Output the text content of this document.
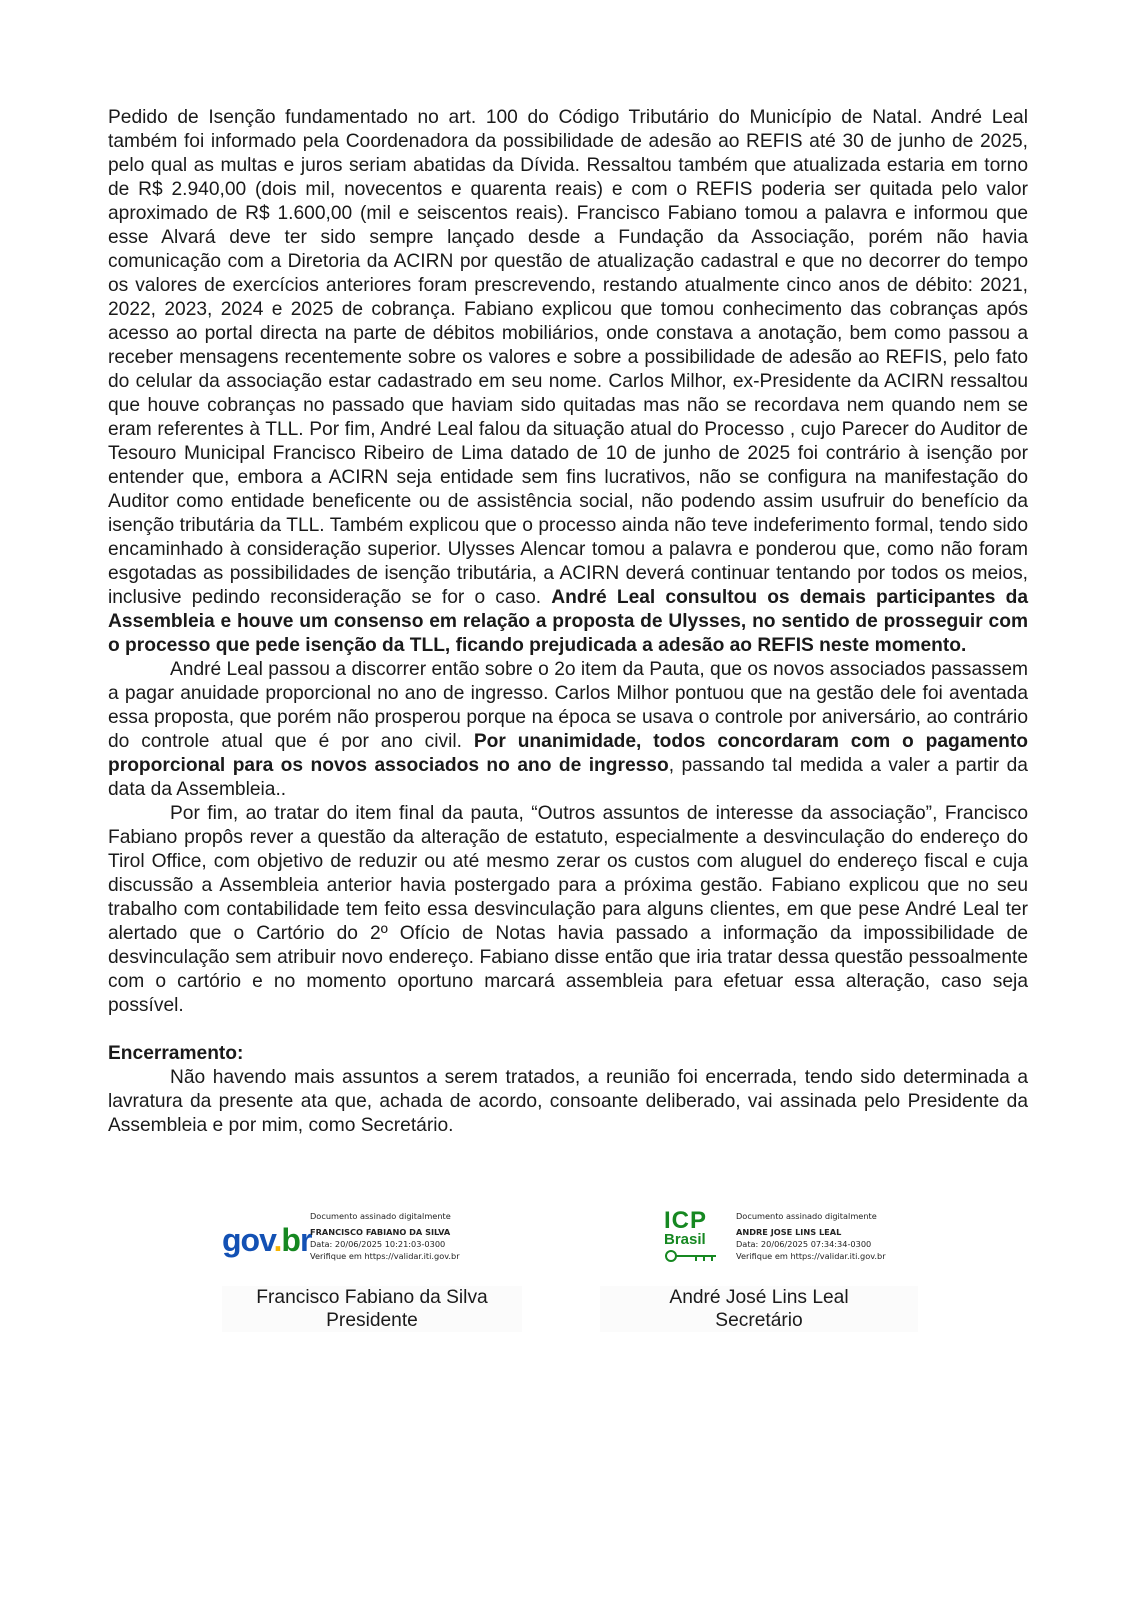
Pedido de Isenção fundamentado no art. 100 do Código Tributário do Município de Natal. André Leal também foi informado pela Coordenadora da possibilidade de adesão ao REFIS até 30 de junho de 2025, pelo qual as multas e juros seriam abatidas da Dívida. Ressaltou também que atualizada estaria em torno de R$ 2.940,00 (dois mil, novecentos e quarenta reais) e com o REFIS poderia ser quitada pelo valor aproximado de R$ 1.600,00 (mil e seiscentos reais). Francisco Fabiano tomou a palavra e informou que esse Alvará deve ter sido sempre lançado desde a Fundação da Associação, porém não havia comunicação com a Diretoria da ACIRN por questão de atualização cadastral e que no decorrer do tempo os valores de exercícios anteriores foram prescrevendo, restando atualmente cinco anos de débito: 2021, 2022, 2023, 2024 e 2025 de cobrança. Fabiano explicou que tomou conhecimento das cobranças após acesso ao portal directa na parte de débitos mobiliários, onde constava a anotação, bem como passou a receber mensagens recentemente sobre os valores e sobre a possibilidade de adesão ao REFIS, pelo fato do celular da associação estar cadastrado em seu nome. Carlos Milhor, ex-Presidente da ACIRN ressaltou que houve cobranças no passado que haviam sido quitadas mas não se recordava nem quando nem se eram referentes à TLL. Por fim, André Leal falou da situação atual do Processo , cujo Parecer do Auditor de Tesouro Municipal Francisco Ribeiro de Lima datado de 10 de junho de 2025 foi contrário à isenção por entender que, embora a ACIRN seja entidade sem fins lucrativos, não se configura na manifestação do Auditor como entidade beneficente ou de assistência social, não podendo assim usufruir do benefício da isenção tributária da TLL. Também explicou que o processo ainda não teve indeferimento formal, tendo sido encaminhado à consideração superior. Ulysses Alencar tomou a palavra e ponderou que, como não foram esgotadas as possibilidades de isenção tributária, a ACIRN deverá continuar tentando por todos os meios, inclusive pedindo reconsideração se for o caso. André Leal consultou os demais participantes da Assembleia e houve um consenso em relação a proposta de Ulysses, no sentido de prosseguir com o processo que pede isenção da TLL, ficando prejudicada a adesão ao REFIS neste momento.

André Leal passou a discorrer então sobre o 2o item da Pauta, que os novos associados passassem a pagar anuidade proporcional no ano de ingresso. Carlos Milhor pontuou que na gestão dele foi aventada essa proposta, que porém não prosperou porque na época se usava o controle por aniversário, ao contrário do controle atual que é por ano civil. Por unanimidade, todos concordaram com o pagamento proporcional para os novos associados no ano de ingresso, passando tal medida a valer a partir da data da Assembleia..

Por fim, ao tratar do item final da pauta, “Outros assuntos de interesse da associação”, Francisco Fabiano propôs rever a questão da alteração de estatuto, especialmente a desvinculação do endereço do Tirol Office, com objetivo de reduzir ou até mesmo zerar os custos com aluguel do endereço fiscal e cuja discussão a Assembleia anterior havia postergado para a próxima gestão. Fabiano explicou que no seu trabalho com contabilidade tem feito essa desvinculação para alguns clientes, em que pese André Leal ter alertado que o Cartório do 2º Ofício de Notas havia passado a informação da impossibilidade de desvinculação sem atribuir novo endereço. Fabiano disse então que iria tratar dessa questão pessoalmente com o cartório e no momento oportuno marcará assembleia para efetuar essa alteração, caso seja possível.

Encerramento:

Não havendo mais assuntos a serem tratados, a reunião foi encerrada, tendo sido determinada a lavratura da presente ata que, achada de acordo, consoante deliberado, vai assinada pelo Presidente da Assembleia e por mim, como Secretário.

gov.br
Documento assinado digitalmente
FRANCISCO FABIANO DA SILVA
Data: 20/06/2025 10:21:03-0300
Verifique em https://validar.iti.gov.br
Francisco Fabiano da Silva
Presidente
ICP
Brasil
Documento assinado digitalmente
ANDRE JOSE LINS LEAL
Data: 20/06/2025 07:34:34-0300
Verifique em https://validar.iti.gov.br
André José Lins Leal
Secretário
